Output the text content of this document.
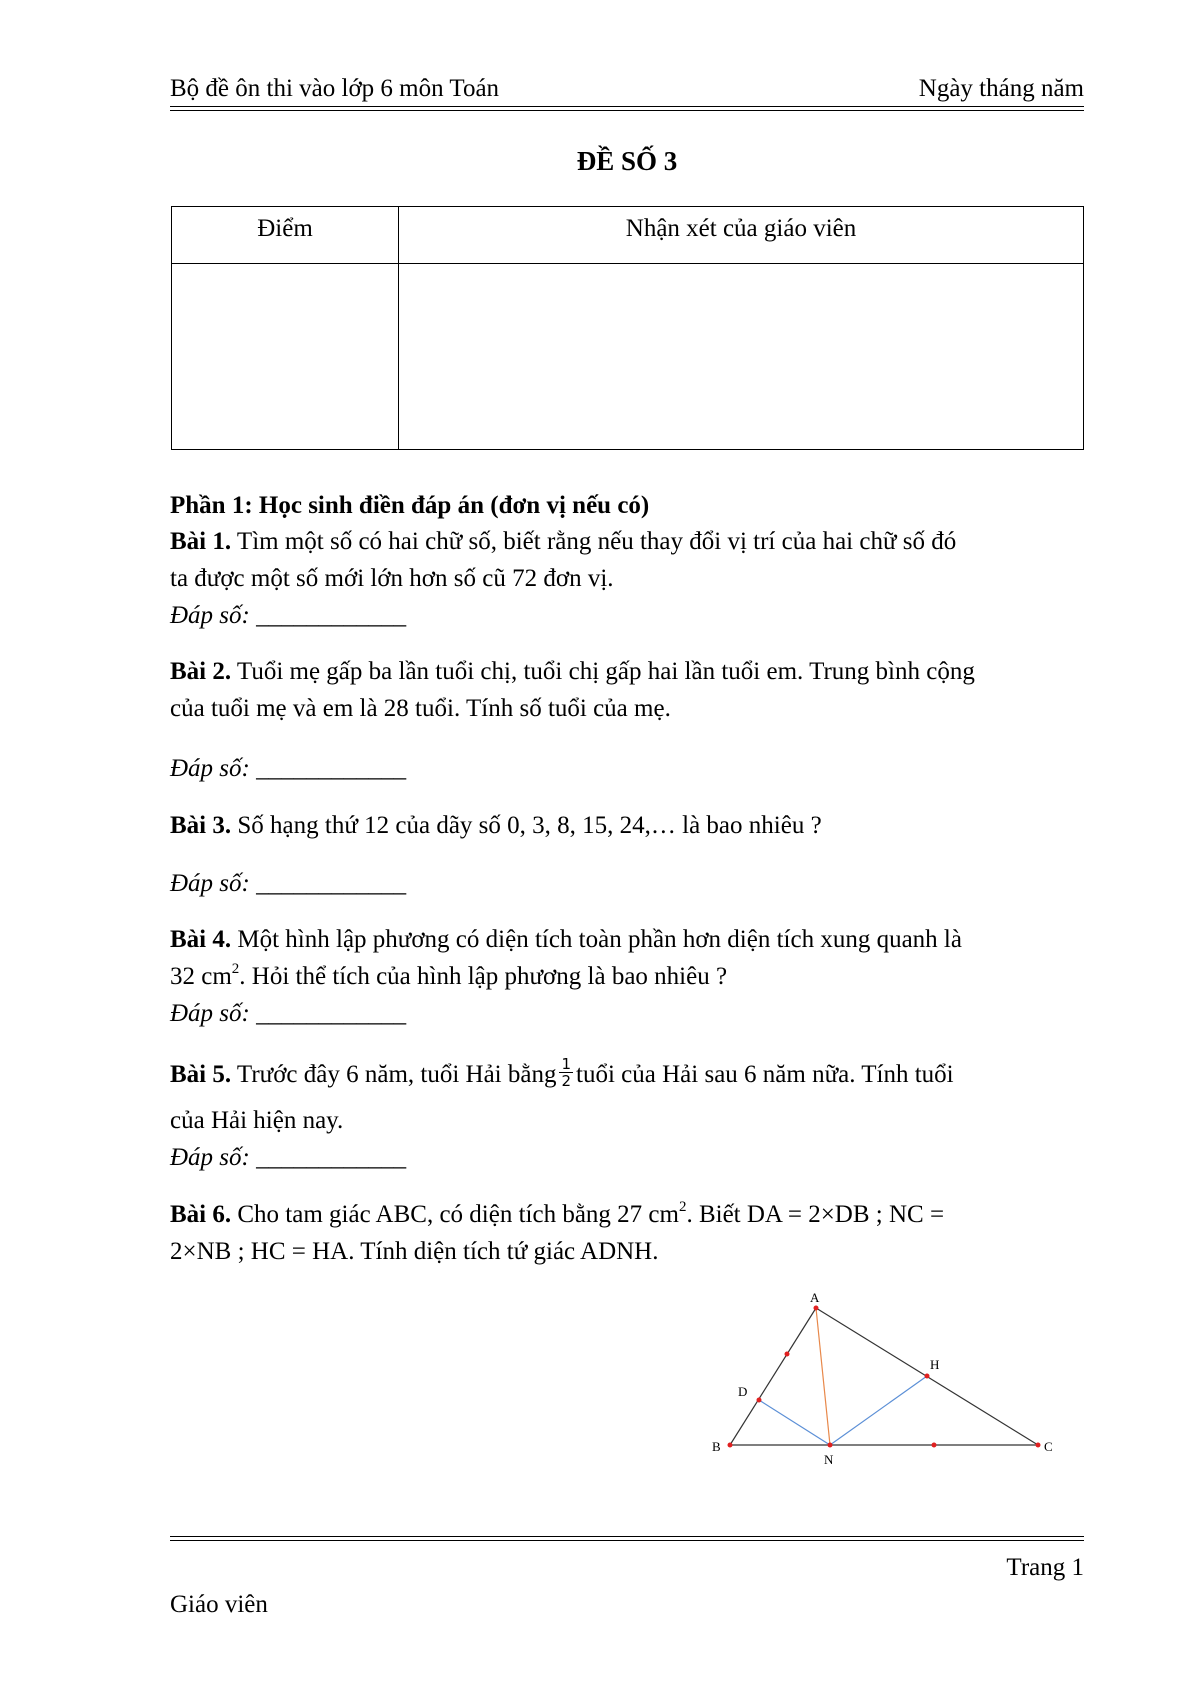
Bộ đề ôn thi vào lớp 6 môn Toán	Ngày tháng năm
ĐỀ SỐ 3
Điểm	Nhận xét của giáo viên

Phần 1: Học sinh điền đáp án (đơn vị nếu có)
Bài 1. Tìm một số có hai chữ số, biết rằng nếu thay đổi vị trí của hai chữ số đó
ta được một số mới lớn hơn số cũ 72 đơn vị.
Đáp số: ____________
Bài 2. Tuổi mẹ gấp ba lần tuổi chị, tuổi chị gấp hai lần tuổi em. Trung bình cộng
của tuổi mẹ và em là 28 tuổi. Tính số tuổi của mẹ.
Đáp số: ____________
Bài 3. Số hạng thứ 12 của dãy số 0, 3, 8, 15, 24,… là bao nhiêu ?
Đáp số: ____________
Bài 4. Một hình lập phương có diện tích toàn phần hơn diện tích xung quanh là
32 $cm^2$. Hỏi thể tích của hình lập phương là bao nhiêu ?
Đáp số: ____________
Bài 5. Trước đây 6 năm, tuổi Hải bằng $\frac{1}{2}$ tuổi của Hải sau 6 năm nữa. Tính tuổi
của Hải hiện nay.
Đáp số: ____________
Bài 6. Cho tam giác ABC, có diện tích bằng 27 $cm^2$. Biết DA = 2×DB ; NC =
2×NB ; HC = HA. Tính diện tích tứ giác ADNH.
A
B	C
D
H
N
Trang 1
Giáo viên
